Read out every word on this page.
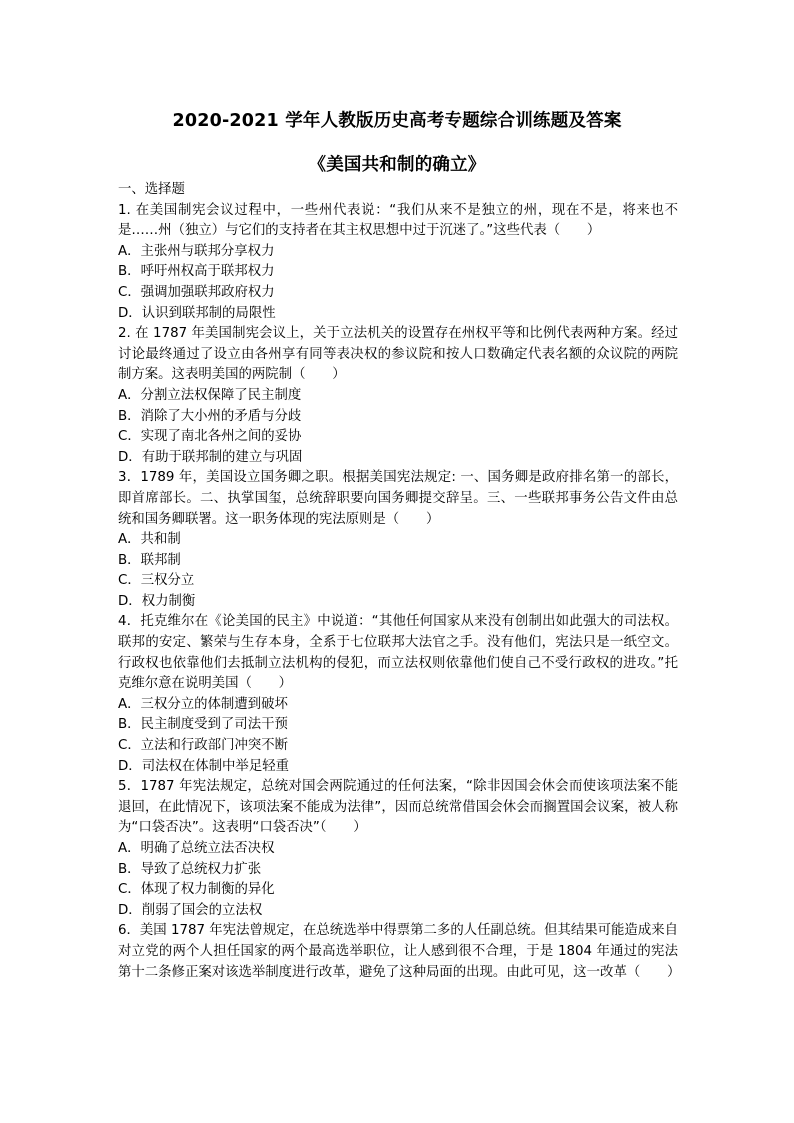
2020-2021 学年人教版历史高考专题综合训练题及答案
《美国共和制的确立》

一、选择题

1. 在美国制宪会议过程中，一些州代表说：“我们从来不是独立的州，现在不是，将来也不是……州（独立）与它们的支持者在其主权思想中过于沉迷了。”这些代表（　　）

A．主张州与联邦分享权力

B．呼吁州权高于联邦权力

C．强调加强联邦政府权力

D．认识到联邦制的局限性

2. 在 1787 年美国制宪会议上，关于立法机关的设置存在州权平等和比例代表两种方案。经过讨论最终通过了设立由各州享有同等表决权的参议院和按人口数确定代表名额的众议院的两院制方案。这表明美国的两院制（　　）

A．分割立法权保障了民主制度

B．消除了大小州的矛盾与分歧

C．实现了南北各州之间的妥协

D．有助于联邦制的建立与巩固

3．1789 年，美国设立国务卿之职。根据美国宪法规定: 一、国务卿是政府排名第一的部长，即首席部长。二、执掌国玺，总统辞职要向国务卿提交辞呈。三、一些联邦事务公告文件由总统和国务卿联署。这一职务体现的宪法原则是（　　）

A．共和制

B．联邦制

C．三权分立

D．权力制衡

4．托克维尔在《论美国的民主》中说道：“其他任何国家从来没有创制出如此强大的司法权。联邦的安定、繁荣与生存本身，全系于七位联邦大法官之手。没有他们，宪法只是一纸空文。行政权也依靠他们去抵制立法机构的侵犯，而立法权则依靠他们使自己不受行政权的进攻。”托克维尔意在说明美国（　　）

A．三权分立的体制遭到破坏

B．民主制度受到了司法干预

C．立法和行政部门冲突不断

D．司法权在体制中举足轻重

5．1787 年宪法规定，总统对国会两院通过的任何法案，“除非因国会休会而使该项法案不能退回，在此情况下，该项法案不能成为法律”，因而总统常借国会休会而搁置国会议案，被人称为“口袋否决”。这表明“口袋否决”（　　）

A．明确了总统立法否决权

B．导致了总统权力扩张

C．体现了权力制衡的异化

D．削弱了国会的立法权

6．美国 1787 年宪法曾规定，在总统选举中得票第二多的人任副总统。但其结果可能造成来自对立党的两个人担任国家的两个最高选举职位，让人感到很不合理，于是 1804 年通过的宪法第十二条修正案对该选举制度进行改革，避免了这种局面的出现。由此可见，这一改革（　　）
